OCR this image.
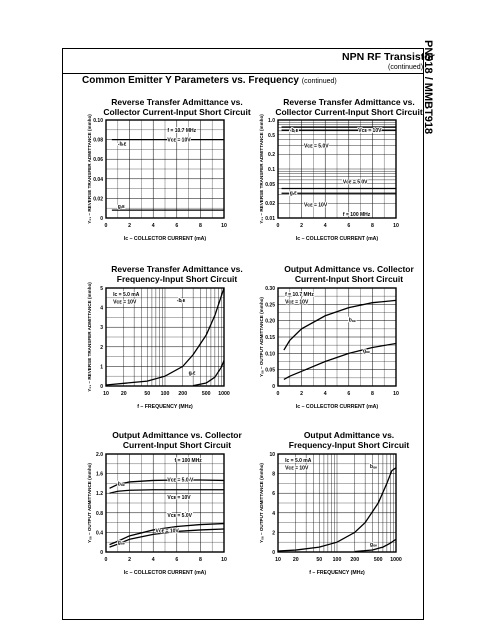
NPN RF Transistor
(continued)
Common Emitter Y Parameters vs. Frequency (continued)	PN918 / MMBT918
Reverse Transfer Admittance vs.
Collector Current-Input Short Circuit
Reverse Transfer Admittance vs.
Collector Current-Input Short Circuit
Reverse Transfer Admittance vs.
Frequency-Input Short Circuit
Output Admittance vs. Collector
Current-Input Short Circuit
Output Admittance vs. Collector
Current-Input Short Circuit
Output Admittance vs.
Frequency-Input Short Circuit
0	2	4	6	8	10
0
0.02
0.04
0.06
0.08
0.10
Iᴄ – COLLECTOR CURRENT (mA)
Y₂₁ – REVERSE TRANSFER ADMITTANCE (mmho)	f = 10.7 MHz
Vᴄᴇ = 10V
-bᵣᴇ
gᵣᴇ
0	2	4	6	8	10
0.01
0.02
0.05
0.1
0.2
0.5
1.0
Iᴄ – COLLECTOR CURRENT (mA)
Y₂₁ – REVERSE TRANSFER ADMITTANCE (mmho)	-bᵣᴇ
Vᴄᴇ = 5.0V
Vᴄᴇ = 10V
gᵣᴇ
Vᴄᴇ = 5.0V
Vᴄᴇ = 10V
f = 100 MHz
10 20	50 100 200	500 1000
0
1
2
3
4
5
f – FREQUENCY (MHz)
Y₂₁ – REVERSE TRANSFER ADMITTANCE (mmho)	Iᴄ = 5.0 mA
Vᴄᴇ = 10V	-bᵣᴇ
gᵣᴇ
0	2	4	6	8	10
0
0.05
0.10
0.15
0.20
0.25
0.30
Iᴄ – COLLECTOR CURRENT (mA)
Yₒₑ – OUTPUT ADMITTANCE (mmho)
f = 10.7 MHz
Vᴄᴇ = 10V
bₒₑ
gₒₑ
0	2	4	6	8	10
0
0.4
0.8
1.2
1.6
2.0
Iᴄ – COLLECTOR CURRENT (mA)
Yₒₑ – OUTPUT ADMITTANCE (mmho)
f = 100 MHz
bₒₑ
Vᴄᴇ = 5.0 V
Vᴄᴇ = 10V
Vᴄᴇ = 5.0V
Vᴄᴇ = 10V
gₒₑ
10 20	50 100 200	500 1000
0
2
4
6
8
10
f – FREQUENCY (MHz)
Yₒₑ – OUTPUT ADMITTANCE (mmho)
Iᴄ = 5.0 mA
Vᴄᴇ = 10V	bₒₑ
gₒₑ
